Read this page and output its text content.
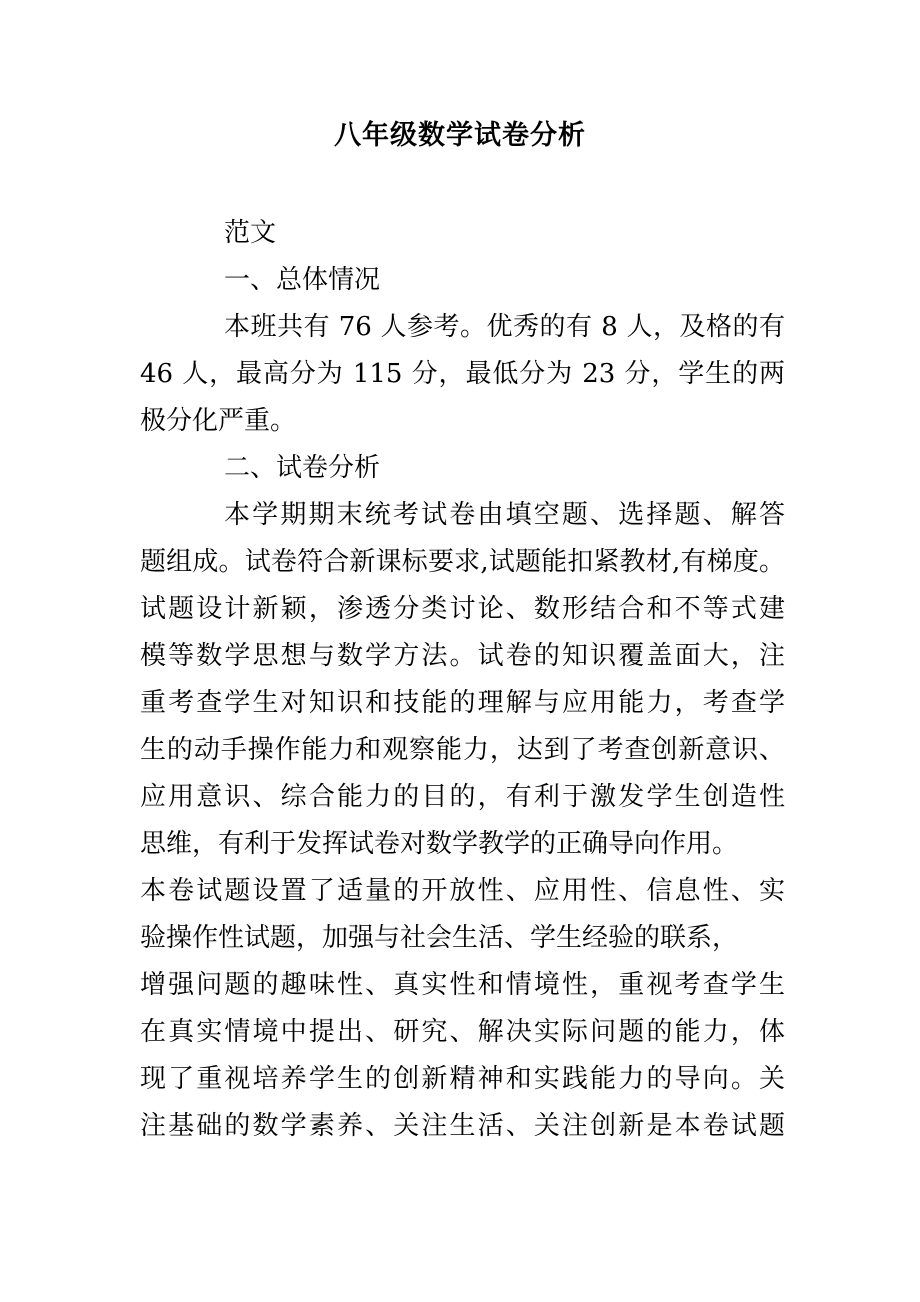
八年级数学试卷分析
范文
一、总体情况
本班共有 76 人参考。优秀的有 8 人，及格的有
46 人，最高分为 115 分，最低分为 23 分，学生的两
极分化严重。
二、试卷分析
本学期期末统考试卷由填空题、选择题、解答
题组成。试卷符合新课标要求,试题能扣紧教材,有梯度。
试题设计新颖，渗透分类讨论、数形结合和不等式建
模等数学思想与数学方法。试卷的知识覆盖面大，注
重考查学生对知识和技能的理解与应用能力，考查学
生的动手操作能力和观察能力，达到了考查创新意识、
应用意识、综合能力的目的，有利于激发学生创造性
思维，有利于发挥试卷对数学教学的正确导向作用。
本卷试题设置了适量的开放性、应用性、信息性、实
验操作性试题，加强与社会生活、学生经验的联系，
增强问题的趣味性、真实性和情境性，重视考查学生
在真实情境中提出、研究、解决实际问题的能力，体
现了重视培养学生的创新精神和实践能力的导向。关
注基础的数学素养、关注生活、关注创新是本卷试题
